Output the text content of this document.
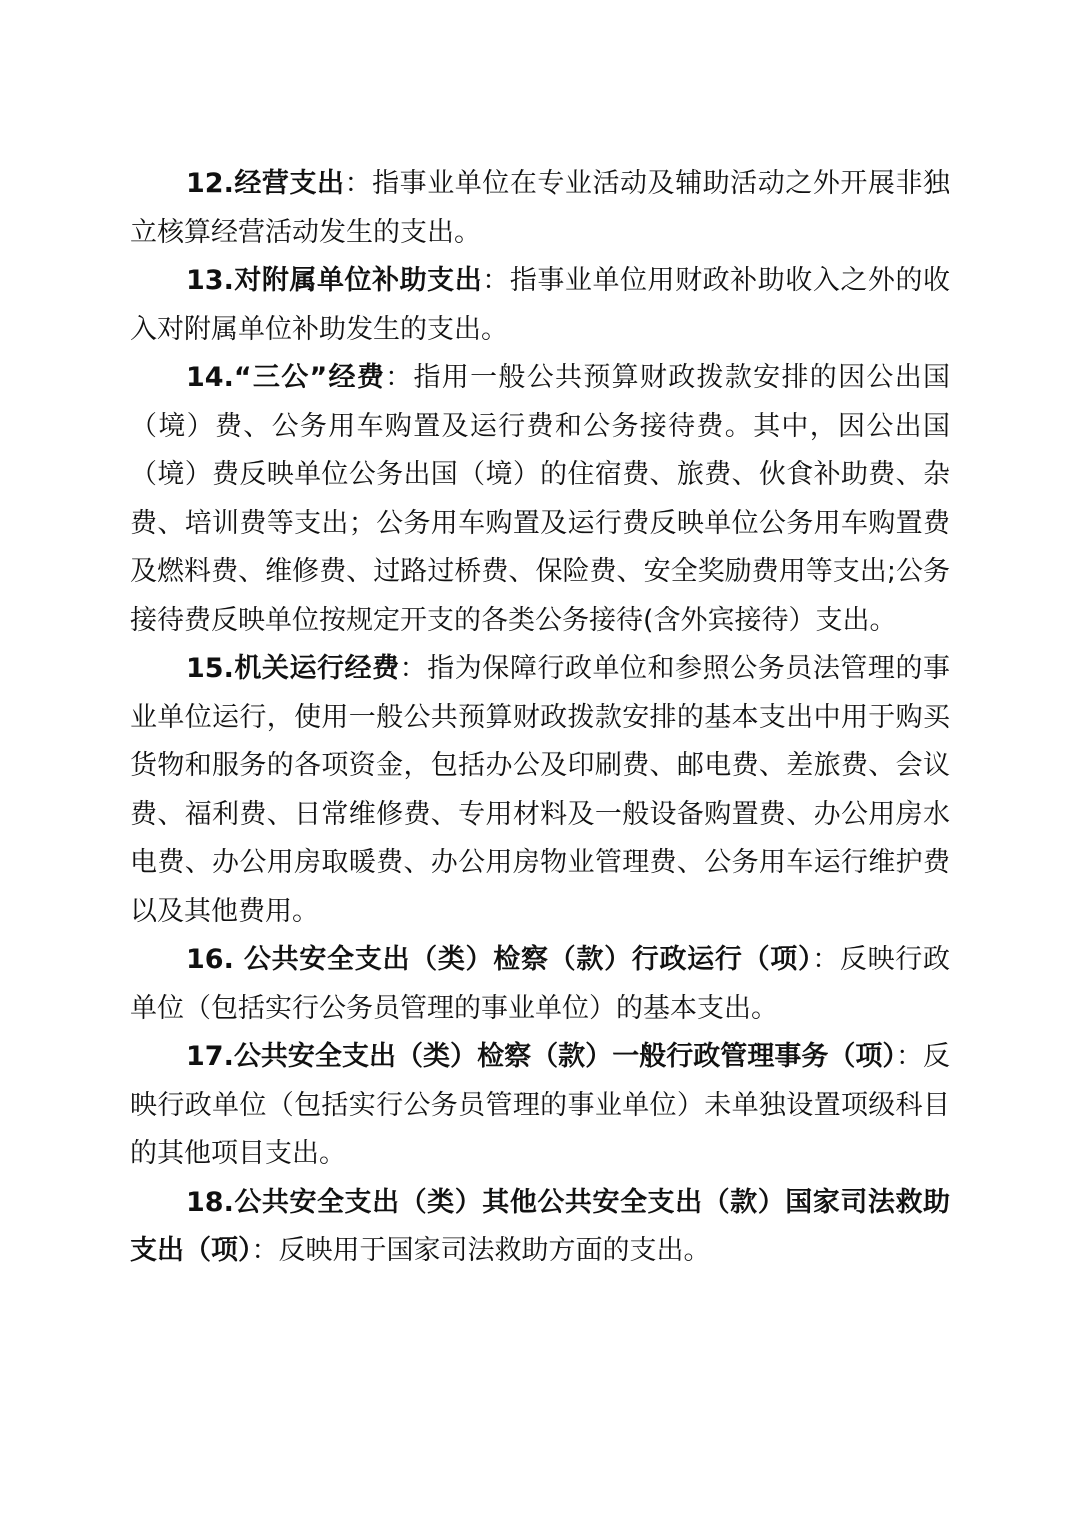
12.经营支出：指事业单位在专业活动及辅助活动之外开展非独立核算经营活动发生的支出。

13.对附属单位补助支出：指事业单位用财政补助收入之外的收入对附属单位补助发生的支出。

14.“三公”经费：指用一般公共预算财政拨款安排的因公出国（境）费、公务用车购置及运行费和公务接待费。其中，因公出国（境）费反映单位公务出国（境）的住宿费、旅费、伙食补助费、杂费、培训费等支出；公务用车购置及运行费反映单位公务用车购置费及燃料费、维修费、过路过桥费、保险费、安全奖励费用等支出;公务接待费反映单位按规定开支的各类公务接待(含外宾接待）支出。

15.机关运行经费：指为保障行政单位和参照公务员法管理的事业单位运行，使用一般公共预算财政拨款安排的基本支出中用于购买货物和服务的各项资金，包括办公及印刷费、邮电费、差旅费、会议费、福利费、日常维修费、专用材料及一般设备购置费、办公用房水电费、办公用房取暖费、办公用房物业管理费、公务用车运行维护费以及其他费用。

16. 公共安全支出（类）检察（款）行政运行（项）：反映行政单位（包括实行公务员管理的事业单位）的基本支出。

17.公共安全支出（类）检察（款）一般行政管理事务（项）：反映行政单位（包括实行公务员管理的事业单位）未单独设置项级科目的其他项目支出。

18.公共安全支出（类）其他公共安全支出（款）国家司法救助支出（项）：反映用于国家司法救助方面的支出。
